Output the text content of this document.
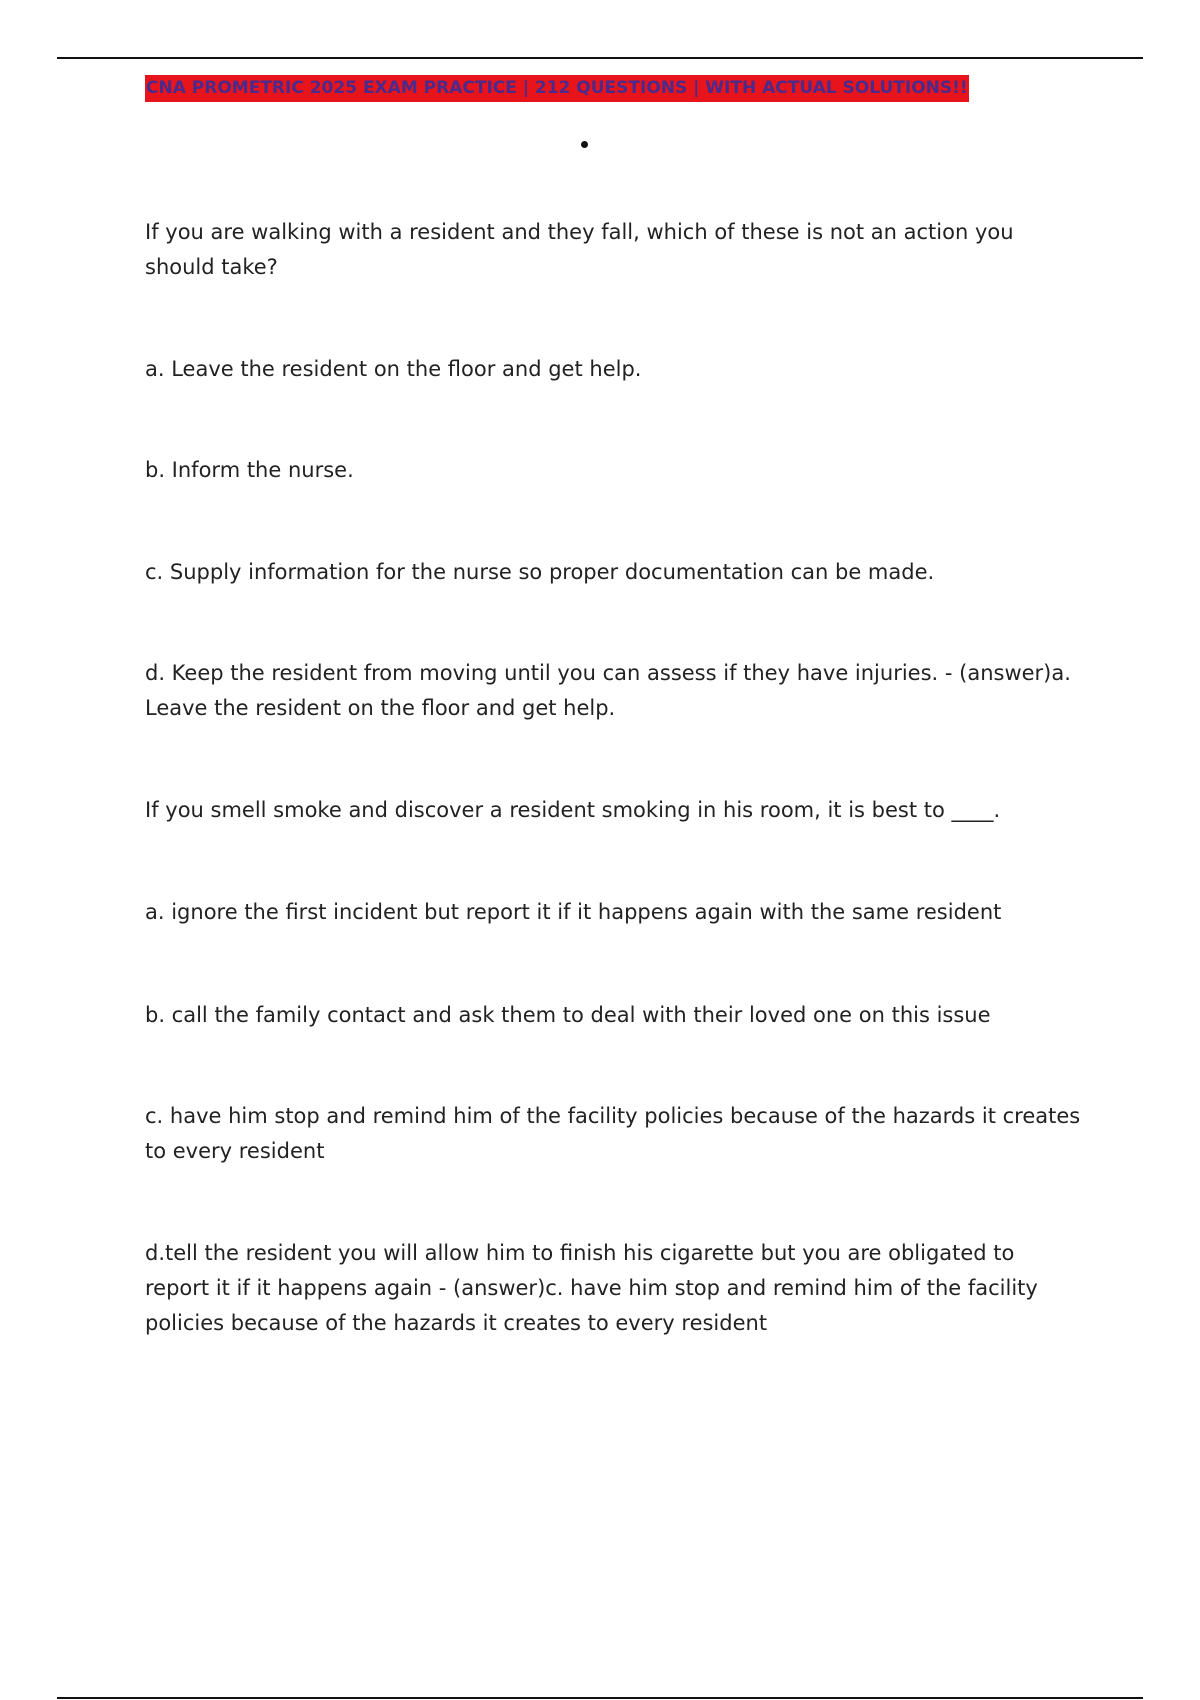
CNA PROMETRIC 2025 EXAM PRACTICE | 212 QUESTIONS | WITH ACTUAL SOLUTIONS!!

If you are walking with a resident and they fall, which of these is not an action you should take?

a. Leave the resident on the floor and get help.

b. Inform the nurse.

c. Supply information for the nurse so proper documentation can be made.

d. Keep the resident from moving until you can assess if they have injuries. - (answer)a. Leave the resident on the floor and get help.

If you smell smoke and discover a resident smoking in his room, it is best to ____.

a. ignore the first incident but report it if it happens again with the same resident

b. call the family contact and ask them to deal with their loved one on this issue

c. have him stop and remind him of the facility policies because of the hazards it creates to every resident

d.tell the resident you will allow him to finish his cigarette but you are obligated to report it if it happens again - (answer)c. have him stop and remind him of the facility policies because of the hazards it creates to every resident
